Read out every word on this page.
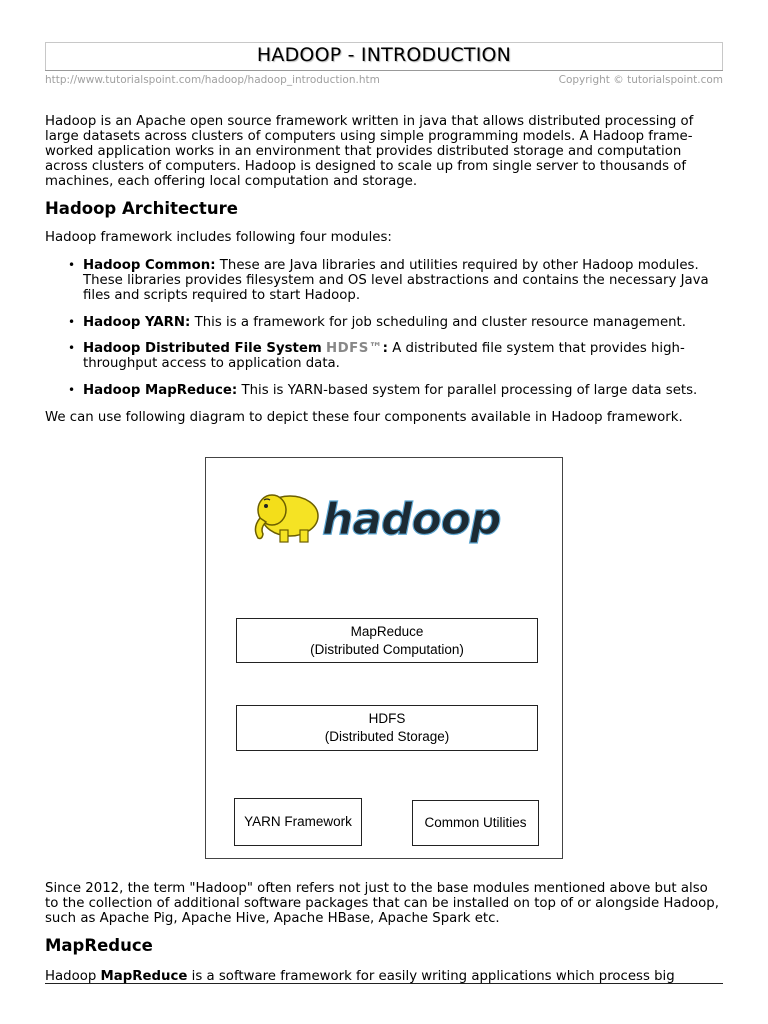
HADOOP - INTRODUCTION
http://www.tutorialspoint.com/hadoop/hadoop_introduction.htm	Copyright © tutorialspoint.com

Hadoop is an Apache open source framework written in java that allows distributed processing of large datasets across clusters of computers using simple programming models. A Hadoop frame-worked application works in an environment that provides distributed storage and computation across clusters of computers. Hadoop is designed to scale up from single server to thousands of machines, each offering local computation and storage.

Hadoop Architecture

Hadoop framework includes following four modules:

• Hadoop Common: These are Java libraries and utilities required by other Hadoop modules. These libraries provides filesystem and OS level abstractions and contains the necessary Java files and scripts required to start Hadoop.
• Hadoop YARN: This is a framework for job scheduling and cluster resource management.
• Hadoop Distributed File System HDFS™: A distributed file system that provides high-throughput access to application data.
• Hadoop MapReduce: This is YARN-based system for parallel processing of large data sets.

We can use following diagram to depict these four components available in Hadoop framework.

hadoop
MapReduce
(Distributed Computation)
HDFS
(Distributed Storage)
YARN Framework	Common Utilities

Since 2012, the term "Hadoop" often refers not just to the base modules mentioned above but also to the collection of additional software packages that can be installed on top of or alongside Hadoop, such as Apache Pig, Apache Hive, Apache HBase, Apache Spark etc.

MapReduce

Hadoop MapReduce is a software framework for easily writing applications which process big
